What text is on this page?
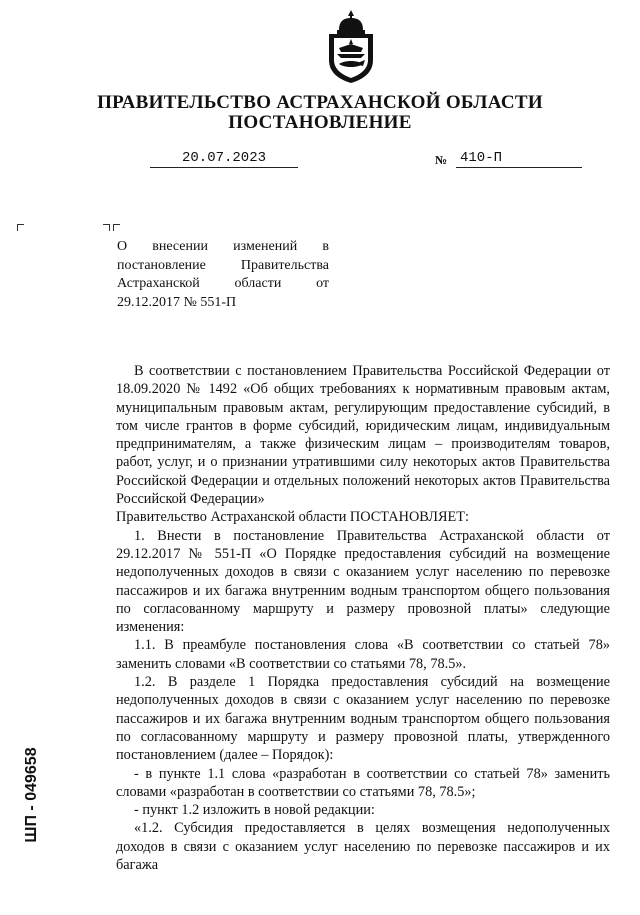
ПРАВИТЕЛЬСТВО АСТРАХАНСКОЙ ОБЛАСТИ
ПОСТАНОВЛЕНИЕ
20.07.2023	№ 410-П
О внесении изменений в постановление Правительства Астраханской области от 29.12.2017 № 551-П

В соответствии с постановлением Правительства Российской Федерации от 18.09.2020 № 1492 «Об общих требованиях к нормативным правовым актам, муниципальным правовым актам, регулирующим предоставление субсидий, в том числе грантов в форме субсидий, юридическим лицам, индивидуальным предпринимателям, а также физическим лицам – производителям товаров, работ, услуг, и о признании утратившими силу некоторых актов Правительства Российской Федерации и отдельных положений некоторых актов Правительства Российской Федерации»

Правительство Астраханской области ПОСТАНОВЛЯЕТ:

1. Внести в постановление Правительства Астраханской области от 29.12.2017 № 551-П «О Порядке предоставления субсидий на возмещение недополученных доходов в связи с оказанием услуг населению по перевозке пассажиров и их багажа внутренним водным транспортом общего пользования по согласованному маршруту и размеру провозной платы» следующие изменения:

1.1. В преамбуле постановления слова «В соответствии со статьей 78» заменить словами «В соответствии со статьями 78, 78.5».

1.2. В разделе 1 Порядка предоставления субсидий на возмещение недополученных доходов в связи с оказанием услуг населению по перевозке пассажиров и их багажа внутренним водным транспортом общего пользования по согласованному маршруту и размеру провозной платы, утвержденного постановлением (далее – Порядок):

- в пункте 1.1 слова «разработан в соответствии со статьей 78» заменить словами «разработан в соответствии со статьями 78, 78.5»;

- пункт 1.2 изложить в новой редакции:

«1.2. Субсидия предоставляется в целях возмещения недополученных доходов в связи с оказанием услуг населению по перевозке пассажиров и их багажа

ШП - 049658
